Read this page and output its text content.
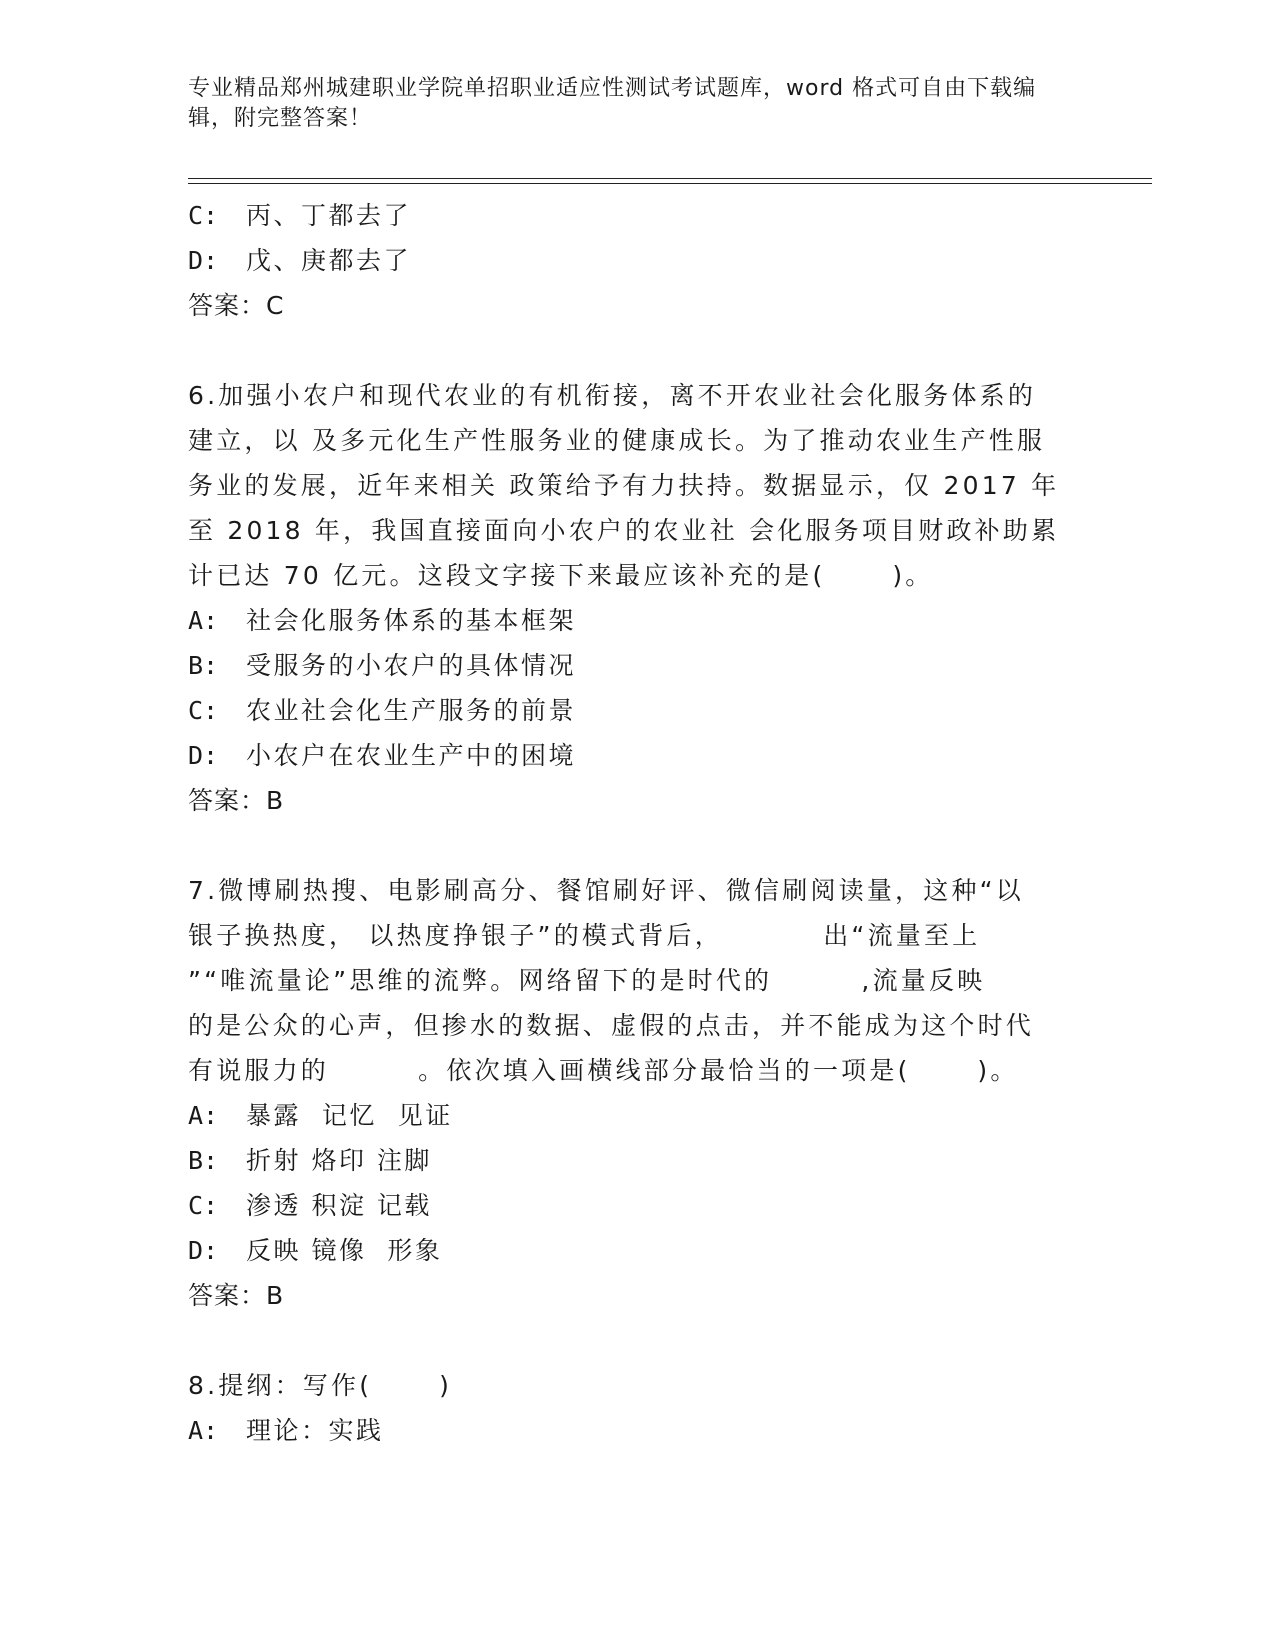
专业精品郑州城建职业学院单招职业适应性测试考试题库，word 格式可自由下载编辑，附完整答案！
C: 丙、丁都去了
D: 戊、庚都去了
答案：C
6.加强小农户和现代农业的有机衔接，离不开农业社会化服务体系的
建立，以 及多元化生产性服务业的健康成长。为了推动农业生产性服
务业的发展，近年来相关 政策给予有力扶持。数据显示，仅 2017 年
至 2018 年，我国直接面向小农户的农业社 会化服务项目财政补助累
计已达 70 亿元。这段文字接下来最应该补充的是(      )。
A: 社会化服务体系的基本框架
B: 受服务的小农户的具体情况
C: 农业社会化生产服务的前景
D: 小农户在农业生产中的困境
答案：B
7.微博刷热搜、电影刷高分、餐馆刷好评、微信刷阅读量，这种“以
银子换热度， 以热度挣银子”的模式背后，         出“流量至上
”“唯流量论”思维的流弊。网络留下的是时代的        ,流量反映
的是公众的心声，但掺水的数据、虚假的点击，并不能成为这个时代
有说服力的        。依次填入画横线部分最恰当的一项是(      )。
A: 暴露  记忆  见证
B: 折射 烙印 注脚
C: 渗透 积淀 记载
D: 反映 镜像  形象
答案：B
8.提纲：写作(      )
A: 理论：实践
